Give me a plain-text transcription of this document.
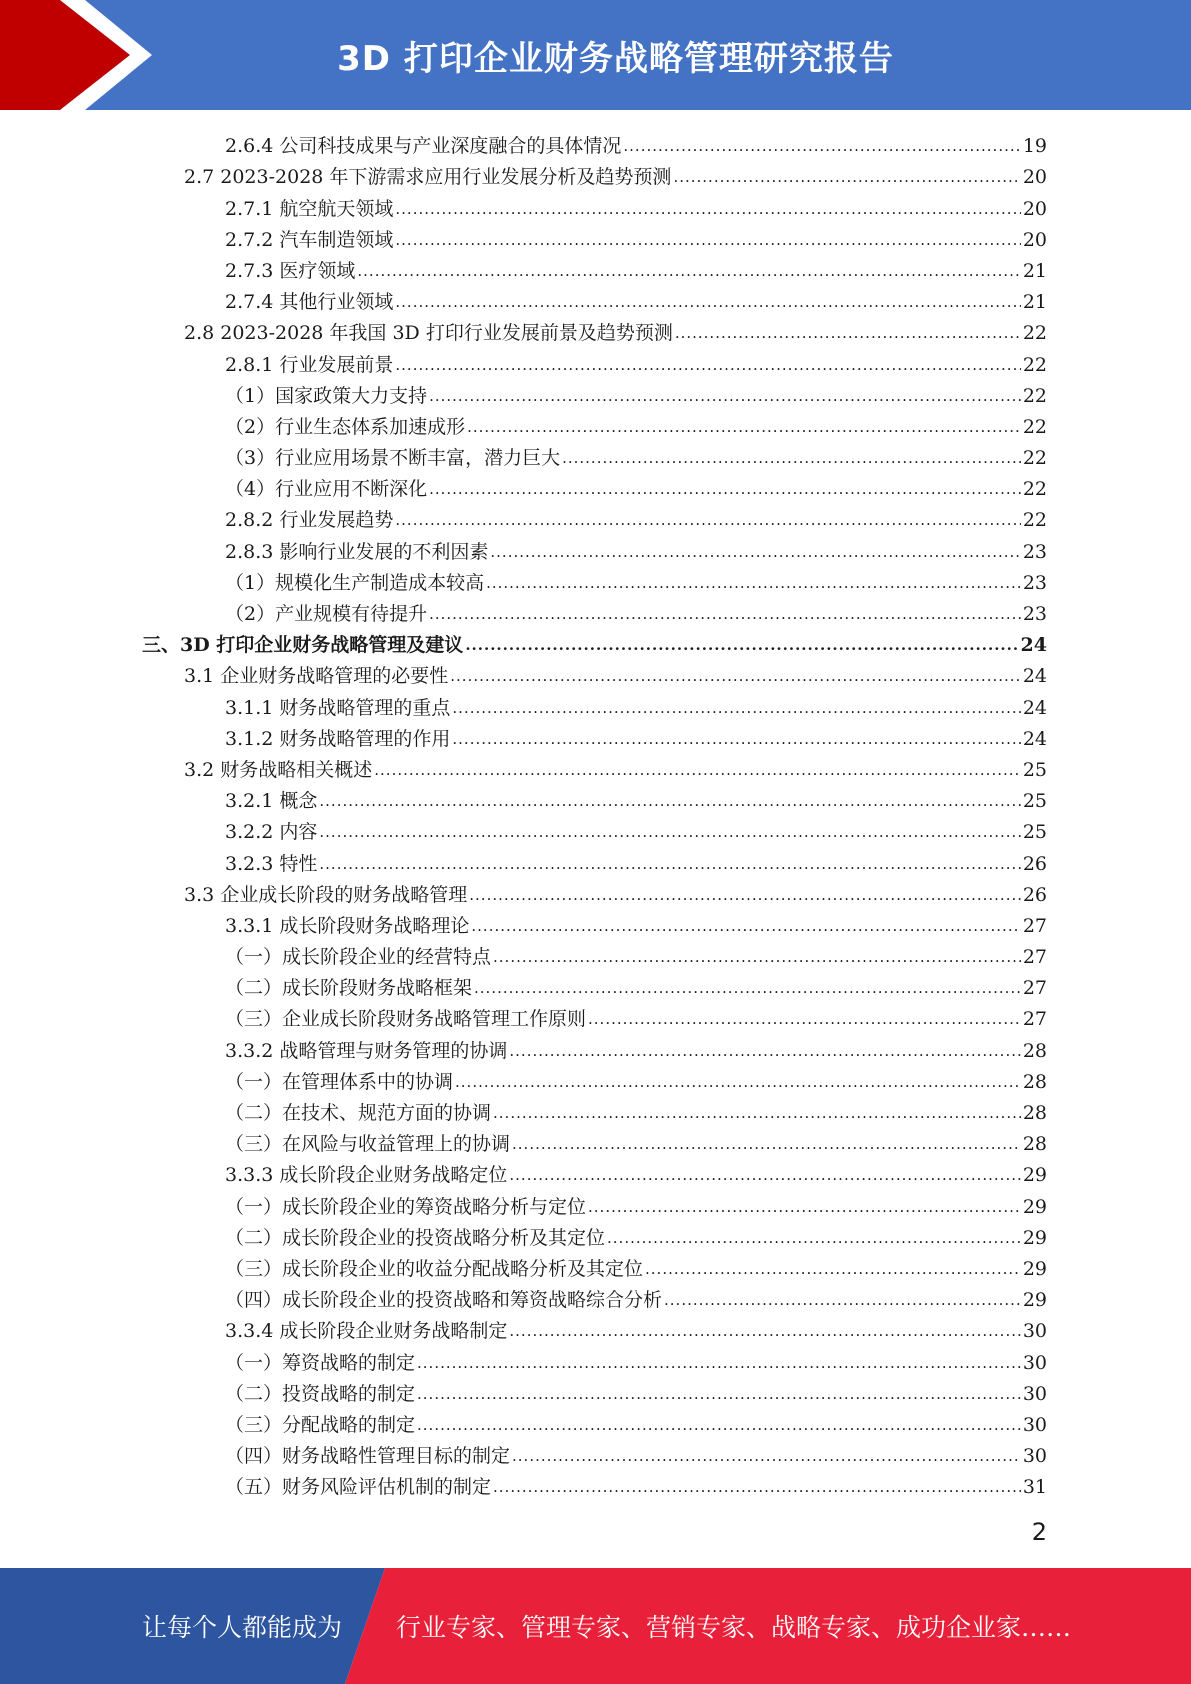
3D 打印企业财务战略管理研究报告
2.6.4 公司科技成果与产业深度融合的具体情况 .....	19
2.7 2023-2028 年下游需求应用行业发展分析及趋势预测 .....	20
2.7.1 航空航天领域 .....	20
2.7.2 汽车制造领域 .....	20
2.7.3 医疗领域 .....	21
2.7.4 其他行业领域 .....	21
2.8 2023-2028 年我国 3D 打印行业发展前景及趋势预测 .....	22
2.8.1 行业发展前景 .....	22
（1）国家政策大力支持 .....	22
（2）行业生态体系加速成形 .....	22
（3）行业应用场景不断丰富，潜力巨大 .....	22
（4）行业应用不断深化 .....	22
2.8.2 行业发展趋势 .....	22
2.8.3 影响行业发展的不利因素 .....	23
（1）规模化生产制造成本较高 .....	23
（2）产业规模有待提升 .....	23
三、3D 打印企业财务战略管理及建议 .....	24
3.1 企业财务战略管理的必要性 .....	24
3.1.1 财务战略管理的重点 .....	24
3.1.2 财务战略管理的作用 .....	24
3.2 财务战略相关概述 .....	25
3.2.1 概念 .....	25
3.2.2 内容 .....	25
3.2.3 特性 .....	26
3.3 企业成长阶段的财务战略管理 .....	26
3.3.1 成长阶段财务战略理论 .....	27
（一）成长阶段企业的经营特点 .....	27
（二）成长阶段财务战略框架 .....	27
（三）企业成长阶段财务战略管理工作原则 .....	27
3.3.2 战略管理与财务管理的协调 .....	28
（一）在管理体系中的协调 .....	28
（二）在技术、规范方面的协调 .....	28
（三）在风险与收益管理上的协调 .....	28
3.3.3 成长阶段企业财务战略定位 .....	29
（一）成长阶段企业的筹资战略分析与定位 .....	29
（二）成长阶段企业的投资战略分析及其定位 .....	29
（三）成长阶段企业的收益分配战略分析及其定位 .....	29
（四）成长阶段企业的投资战略和筹资战略综合分析 .....	29
3.3.4 成长阶段企业财务战略制定 .....	30
（一）筹资战略的制定 .....	30
（二）投资战略的制定 .....	30
（三）分配战略的制定 .....	30
（四）财务战略性管理目标的制定 .....	30
（五）财务风险评估机制的制定 .....	31
2
让每个人都能成为 行业专家、管理专家、营销专家、战略专家、成功企业家……
